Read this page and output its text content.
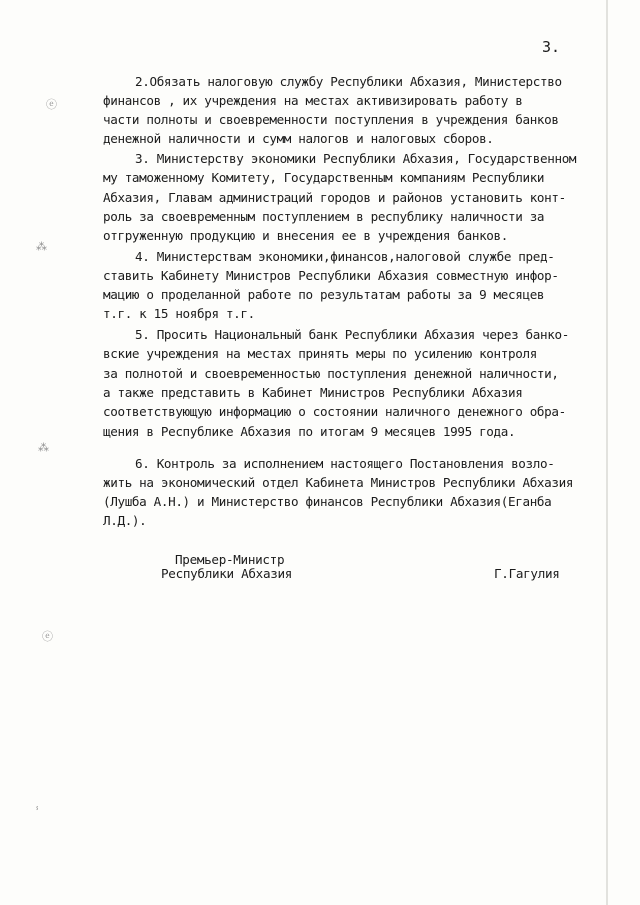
3.
ⓔ
⁂
⁂
ⓔ
ⸯ
2.Обязать налоговую службу Республики Абхазия, Министерство
финансов , их учреждения на местах активизировать работу в
части полноты и своевременности поступления в учреждения банков
денежной наличности и сумм налогов и налоговых сборов.
3. Министерству экономики Республики Абхазия, Государственном
му таможенному Комитету, Государственным компаниям Республики
Абхазия, Главам администраций городов и районов установить конт-
роль за своевременным поступлением в республику наличности за
отгруженную продукцию и внесения ее в учреждения банков.
4. Министерствам экономики,финансов,налоговой службе пред-
ставить Кабинету Министров Республики Абхазия совместную инфор-
мацию о проделанной работе по результатам работы за 9 месяцев
т.г. к 15 ноября т.г.
5. Просить Национальный банк Республики Абхазия через банко-
вские учреждения на местах принять меры по усилению контроля
за полнотой и своевременностью поступления денежной наличности,
а также представить в Кабинет Министров Республики Абхазия
соответствующую информацию о состоянии наличного денежного обра-
щения в Республике Абхазия по итогам 9 месяцев 1995 года.
6. Контроль за исполнением настоящего Постановления возло-
жить на экономический отдел Кабинета Министров Республики Абхазия
(Лушба А.Н.) и Министерство финансов Республики Абхазия(Еганба
Л.Д.).
Премьер-Министр
Республики Абхазия	Г.Гагулия
